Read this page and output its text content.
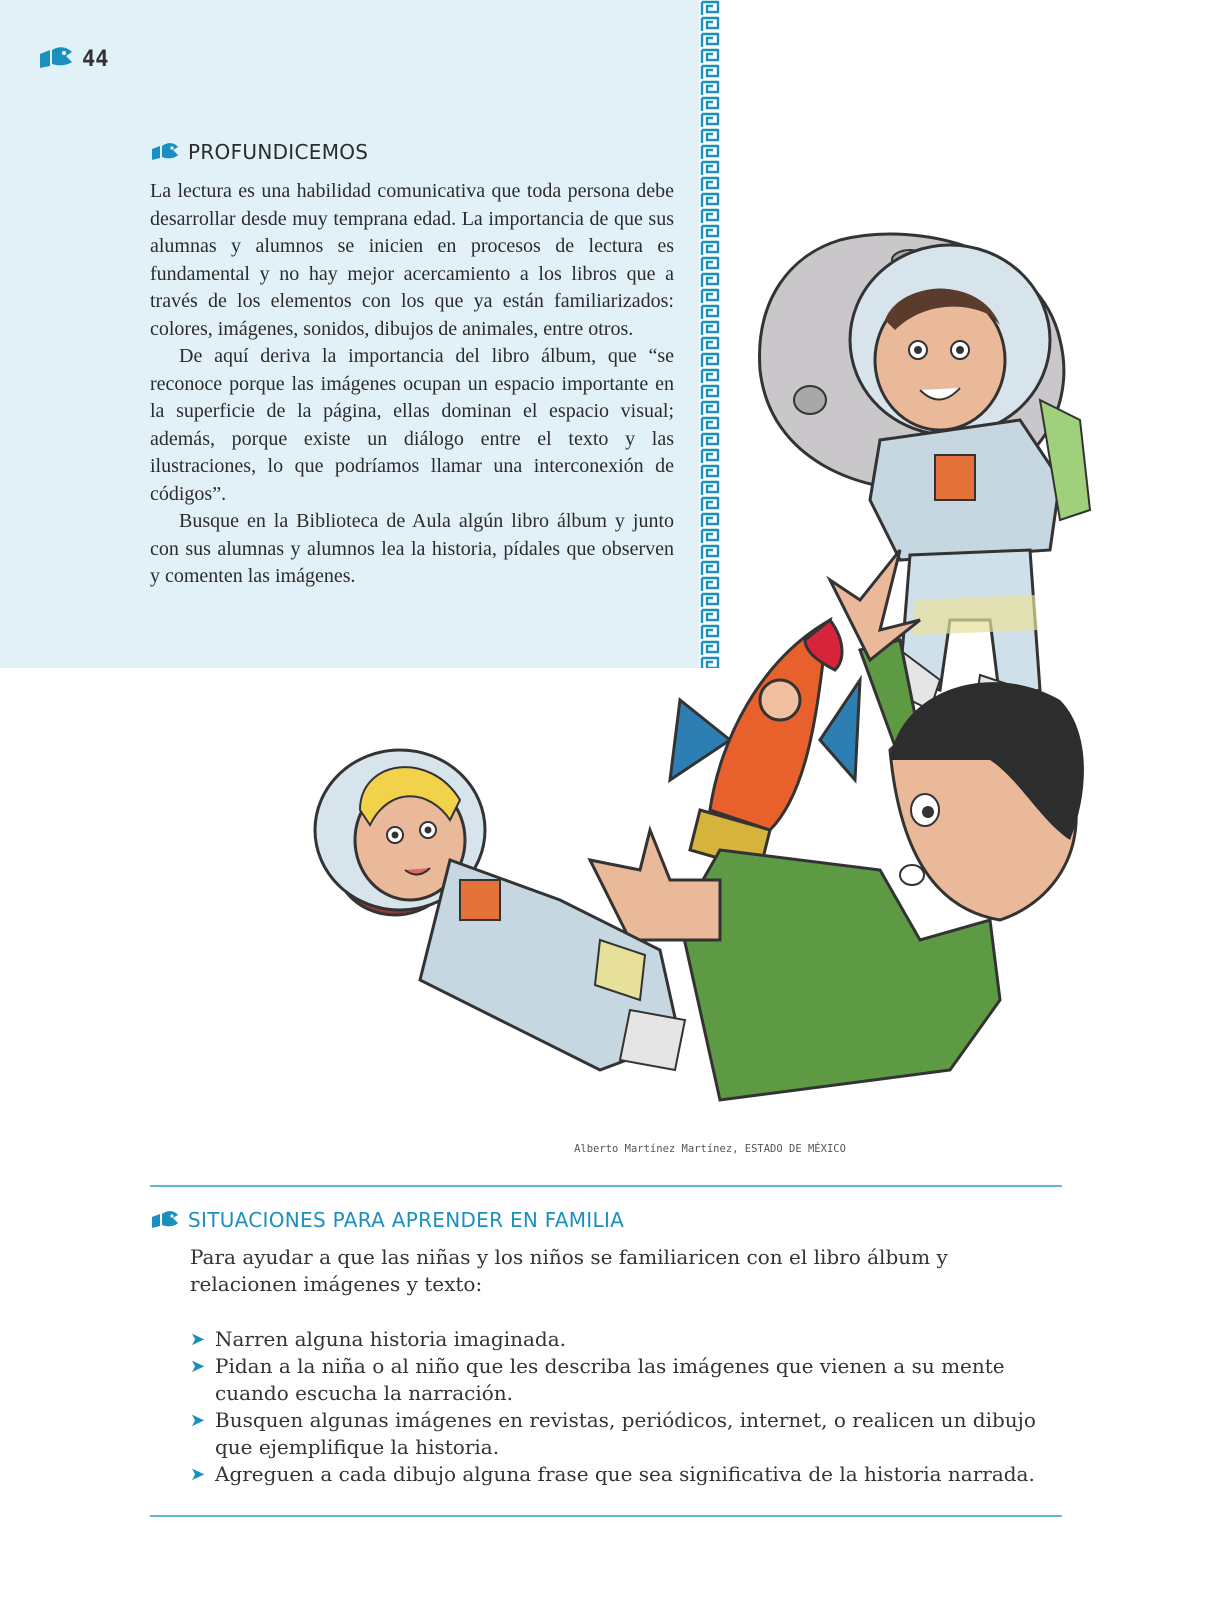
44
PROFUNDICEMOS

La lectura es una habilidad comunicativa que toda persona debe desarrollar desde muy temprana edad. La importancia de que sus alumnas y alumnos se inicien en procesos de lectura es fundamental y no hay mejor acercamiento a los libros que a través de los elementos con los que ya están familiarizados: colores, imágenes, sonidos, dibujos de animales, entre otros.

De aquí deriva la importancia del libro álbum, que “se reconoce porque las imágenes ocupan un espacio importante en la superficie de la página, ellas dominan el espacio visual; además, porque existe un diálogo entre el texto y las ilustraciones, lo que podríamos llamar una interconexión de códigos”.

Busque en la Biblioteca de Aula algún libro álbum y junto con sus alumnas y alumnos lea la historia, pídales que observen y comenten las imágenes.

Alberto Martínez Martínez, ESTADO DE MÉXICO
SITUACIONES PARA APRENDER EN FAMILIA
Para ayudar a que las niñas y los niños se familiaricen con el libro álbum y relacionen imágenes y texto:
➤ Narren alguna historia imaginada.
➤ Pidan a la niña o al niño que les describa las imágenes que vienen a su mente cuando escucha la narración.
➤ Busquen algunas imágenes en revistas, periódicos, internet, o realicen un dibujo que ejemplifique la historia.
➤ Agreguen a cada dibujo alguna frase que sea significativa de la historia narrada.
